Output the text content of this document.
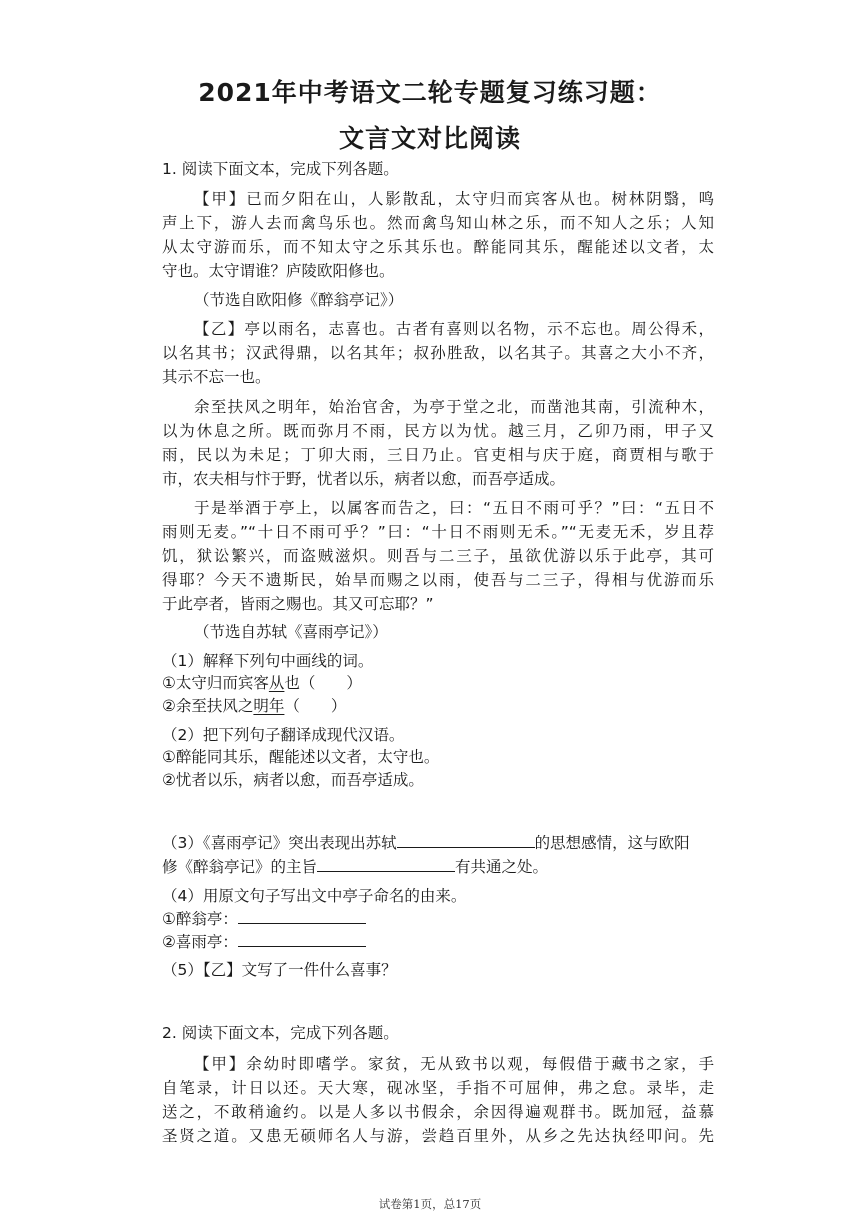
2021年中考语文二轮专题复习练习题：
文言文对比阅读
1. 阅读下面文本，完成下列各题。
【甲】已而夕阳在山，人影散乱，太守归而宾客从也。树林阴翳，鸣
声上下，游人去而禽鸟乐也。然而禽鸟知山林之乐，而不知人之乐；人知
从太守游而乐，而不知太守之乐其乐也。醉能同其乐，醒能述以文者，太
守也。太守谓谁？庐陵欧阳修也。
（节选自欧阳修《醉翁亭记》）
【乙】亭以雨名，志喜也。古者有喜则以名物，示不忘也。周公得禾，
以名其书；汉武得鼎，以名其年；叔孙胜敌，以名其子。其喜之大小不齐，
其示不忘一也。
余至扶风之明年，始治官舍，为亭于堂之北，而凿池其南，引流种木，
以为休息之所。既而弥月不雨，民方以为忧。越三月，乙卯乃雨，甲子又
雨，民以为未足；丁卯大雨，三日乃止。官吏相与庆于庭，商贾相与歌于
市，农夫相与忭于野，忧者以乐，病者以愈，而吾亭适成。
于是举酒于亭上，以属客而告之，曰：“五日不雨可乎？”曰：“五日不
雨则无麦。”“十日不雨可乎？”曰：“十日不雨则无禾。”“无麦无禾，岁且荐
饥，狱讼繁兴，而盗贼滋炽。则吾与二三子，虽欲优游以乐于此亭，其可
得耶？今天不遗斯民，始旱而赐之以雨，使吾与二三子，得相与优游而乐
于此亭者，皆雨之赐也。其又可忘耶？”
（节选自苏轼《喜雨亭记》）
（1）解释下列句中画线的词。
①太守归而宾客从也（　　）
②余至扶风之明年（　　）
（2）把下列句子翻译成现代汉语。
①醉能同其乐，醒能述以文者，太守也。
②忧者以乐，病者以愈，而吾亭适成。
（3）《喜雨亭记》突出表现出苏轼	的思想感情，这与欧阳
修《醉翁亭记》的主旨	有共通之处。
（4）用原文句子写出文中亭子命名的由来。
①醉翁亭：
②喜雨亭：
（5）【乙】文写了一件什么喜事？
2. 阅读下面文本，完成下列各题。
【甲】余幼时即嗜学。家贫，无从致书以观，每假借于藏书之家，手
自笔录，计日以还。天大寒，砚冰坚，手指不可屈伸，弗之怠。录毕，走
送之，不敢稍逾约。以是人多以书假余，余因得遍观群书。既加冠，益慕
圣贤之道。又患无硕师名人与游，尝趋百里外，从乡之先达执经叩问。先
试卷第1页，总17页
